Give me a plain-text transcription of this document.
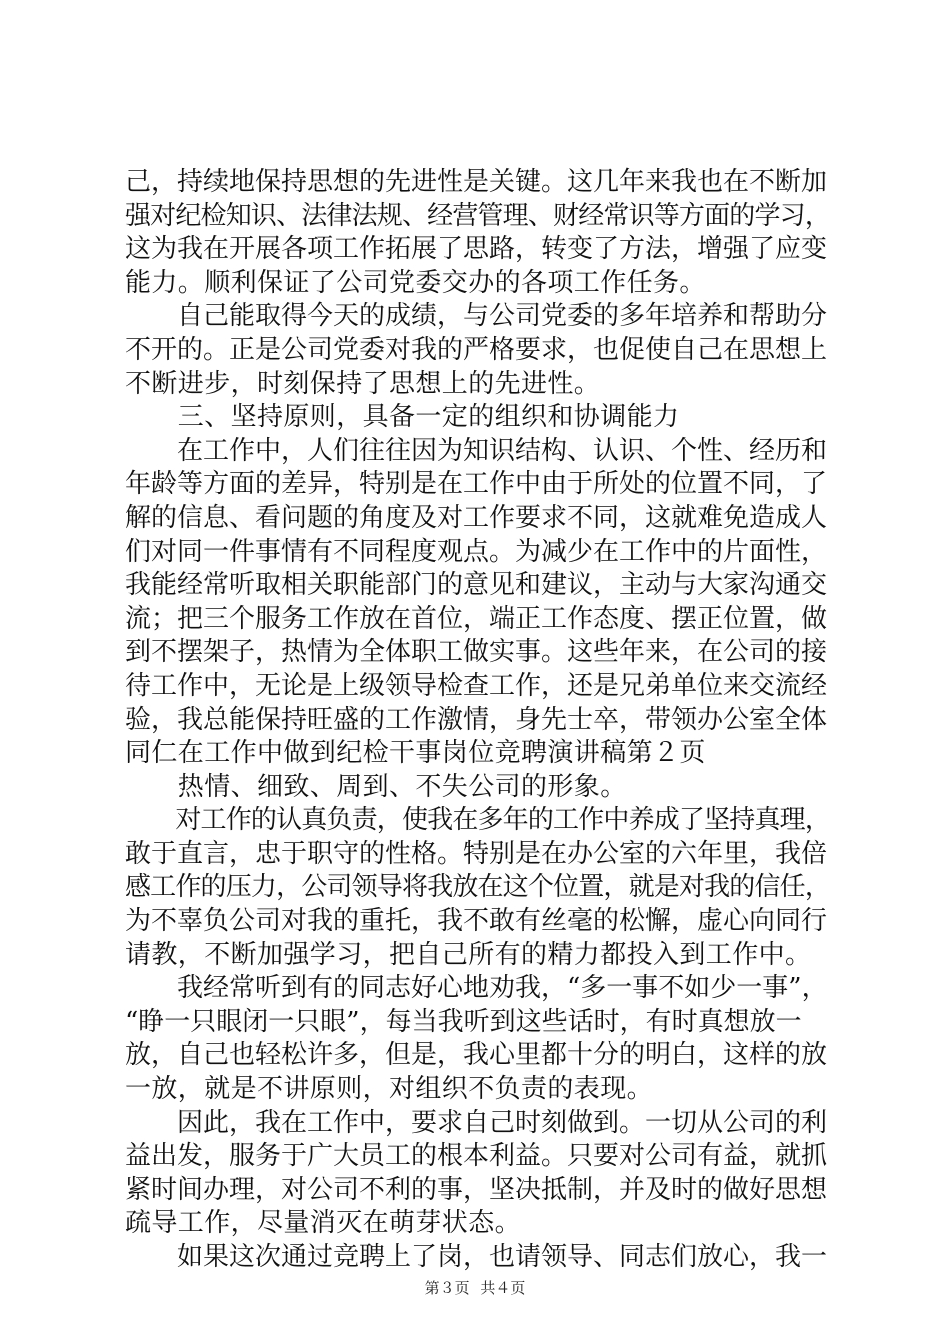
己，持续地保持思想的先进性是关键。这几年来我也在不断加
强对纪检知识、法律法规、经营管理、财经常识等方面的学习，
这为我在开展各项工作拓展了思路，转变了方法，增强了应变
能力。顺利保证了公司党委交办的各项工作任务。
　　自己能取得今天的成绩，与公司党委的多年培养和帮助分
不开的。正是公司党委对我的严格要求，也促使自己在思想上
不断进步，时刻保持了思想上的先进性。
　　三、坚持原则，具备一定的组织和协调能力
　　在工作中，人们往往因为知识结构、认识、个性、经历和
年龄等方面的差异，特别是在工作中由于所处的位置不同，了
解的信息、看问题的角度及对工作要求不同，这就难免造成人
们对同一件事情有不同程度观点。为减少在工作中的片面性，
我能经常听取相关职能部门的意见和建议，主动与大家沟通交
流；把三个服务工作放在首位，端正工作态度、摆正位置，做
到不摆架子，热情为全体职工做实事。这些年来，在公司的接
待工作中，无论是上级领导检查工作，还是兄弟单位来交流经
验，我总能保持旺盛的工作激情，身先士卒，带领办公室全体
同仁在工作中做到纪检干事岗位竞聘演讲稿第２页
　　热情、细致、周到、不失公司的形象。
　　对工作的认真负责，使我在多年的工作中养成了坚持真理，
敢于直言，忠于职守的性格。特别是在办公室的六年里，我倍
感工作的压力，公司领导将我放在这个位置，就是对我的信任，
为不辜负公司对我的重托，我不敢有丝毫的松懈，虚心向同行
请教，不断加强学习，把自己所有的精力都投入到工作中。
　　我经常听到有的同志好心地劝我，“多一事不如少一事”，
“睁一只眼闭一只眼”，每当我听到这些话时，有时真想放一
放，自己也轻松许多，但是，我心里都十分的明白，这样的放
一放，就是不讲原则，对组织不负责的表现。
　　因此，我在工作中，要求自己时刻做到。一切从公司的利
益出发，服务于广大员工的根本利益。只要对公司有益，就抓
紧时间办理，对公司不利的事，坚决抵制，并及时的做好思想
疏导工作，尽量消灭在萌芽状态。
　　如果这次通过竞聘上了岗，也请领导、同志们放心，我一
第３页 共４页
